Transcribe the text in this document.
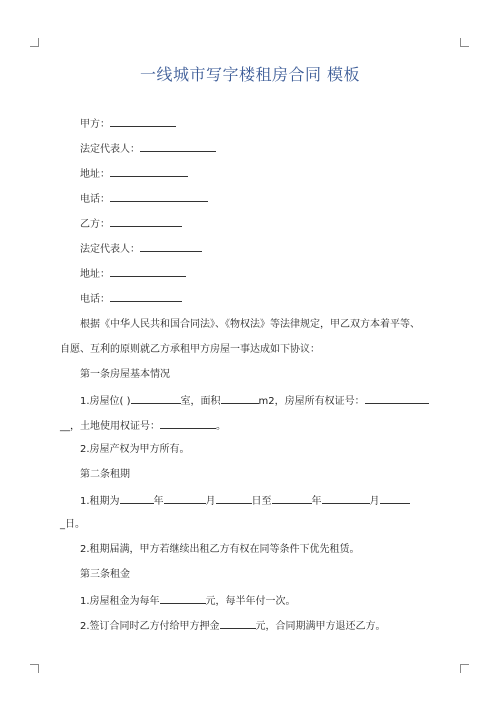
一线城市写字楼租房合同 模板
甲方：
法定代表人：
地址：
电话：
乙方：
法定代表人：
地址：
电话：
根据《中华人民共和国合同法》、《物权法》等法律规定，甲乙双方本着平等、
自愿、互利的原则就乙方承租甲方房屋一事达成如下协议：
第一条房屋基本情况
1.房屋位( )	室，面积	m2，房屋所有权证号：
__，土地使用权证号：	。
2.房屋产权为甲方所有。
第二条租期
1.租期为	年	月	日至	年	月
_日。
2.租期届满，甲方若继续出租乙方有权在同等条件下优先租赁。
第三条租金
1.房屋租金为每年	元，每半年付一次。
2.签订合同时乙方付给甲方押金	元，合同期满甲方退还乙方。
